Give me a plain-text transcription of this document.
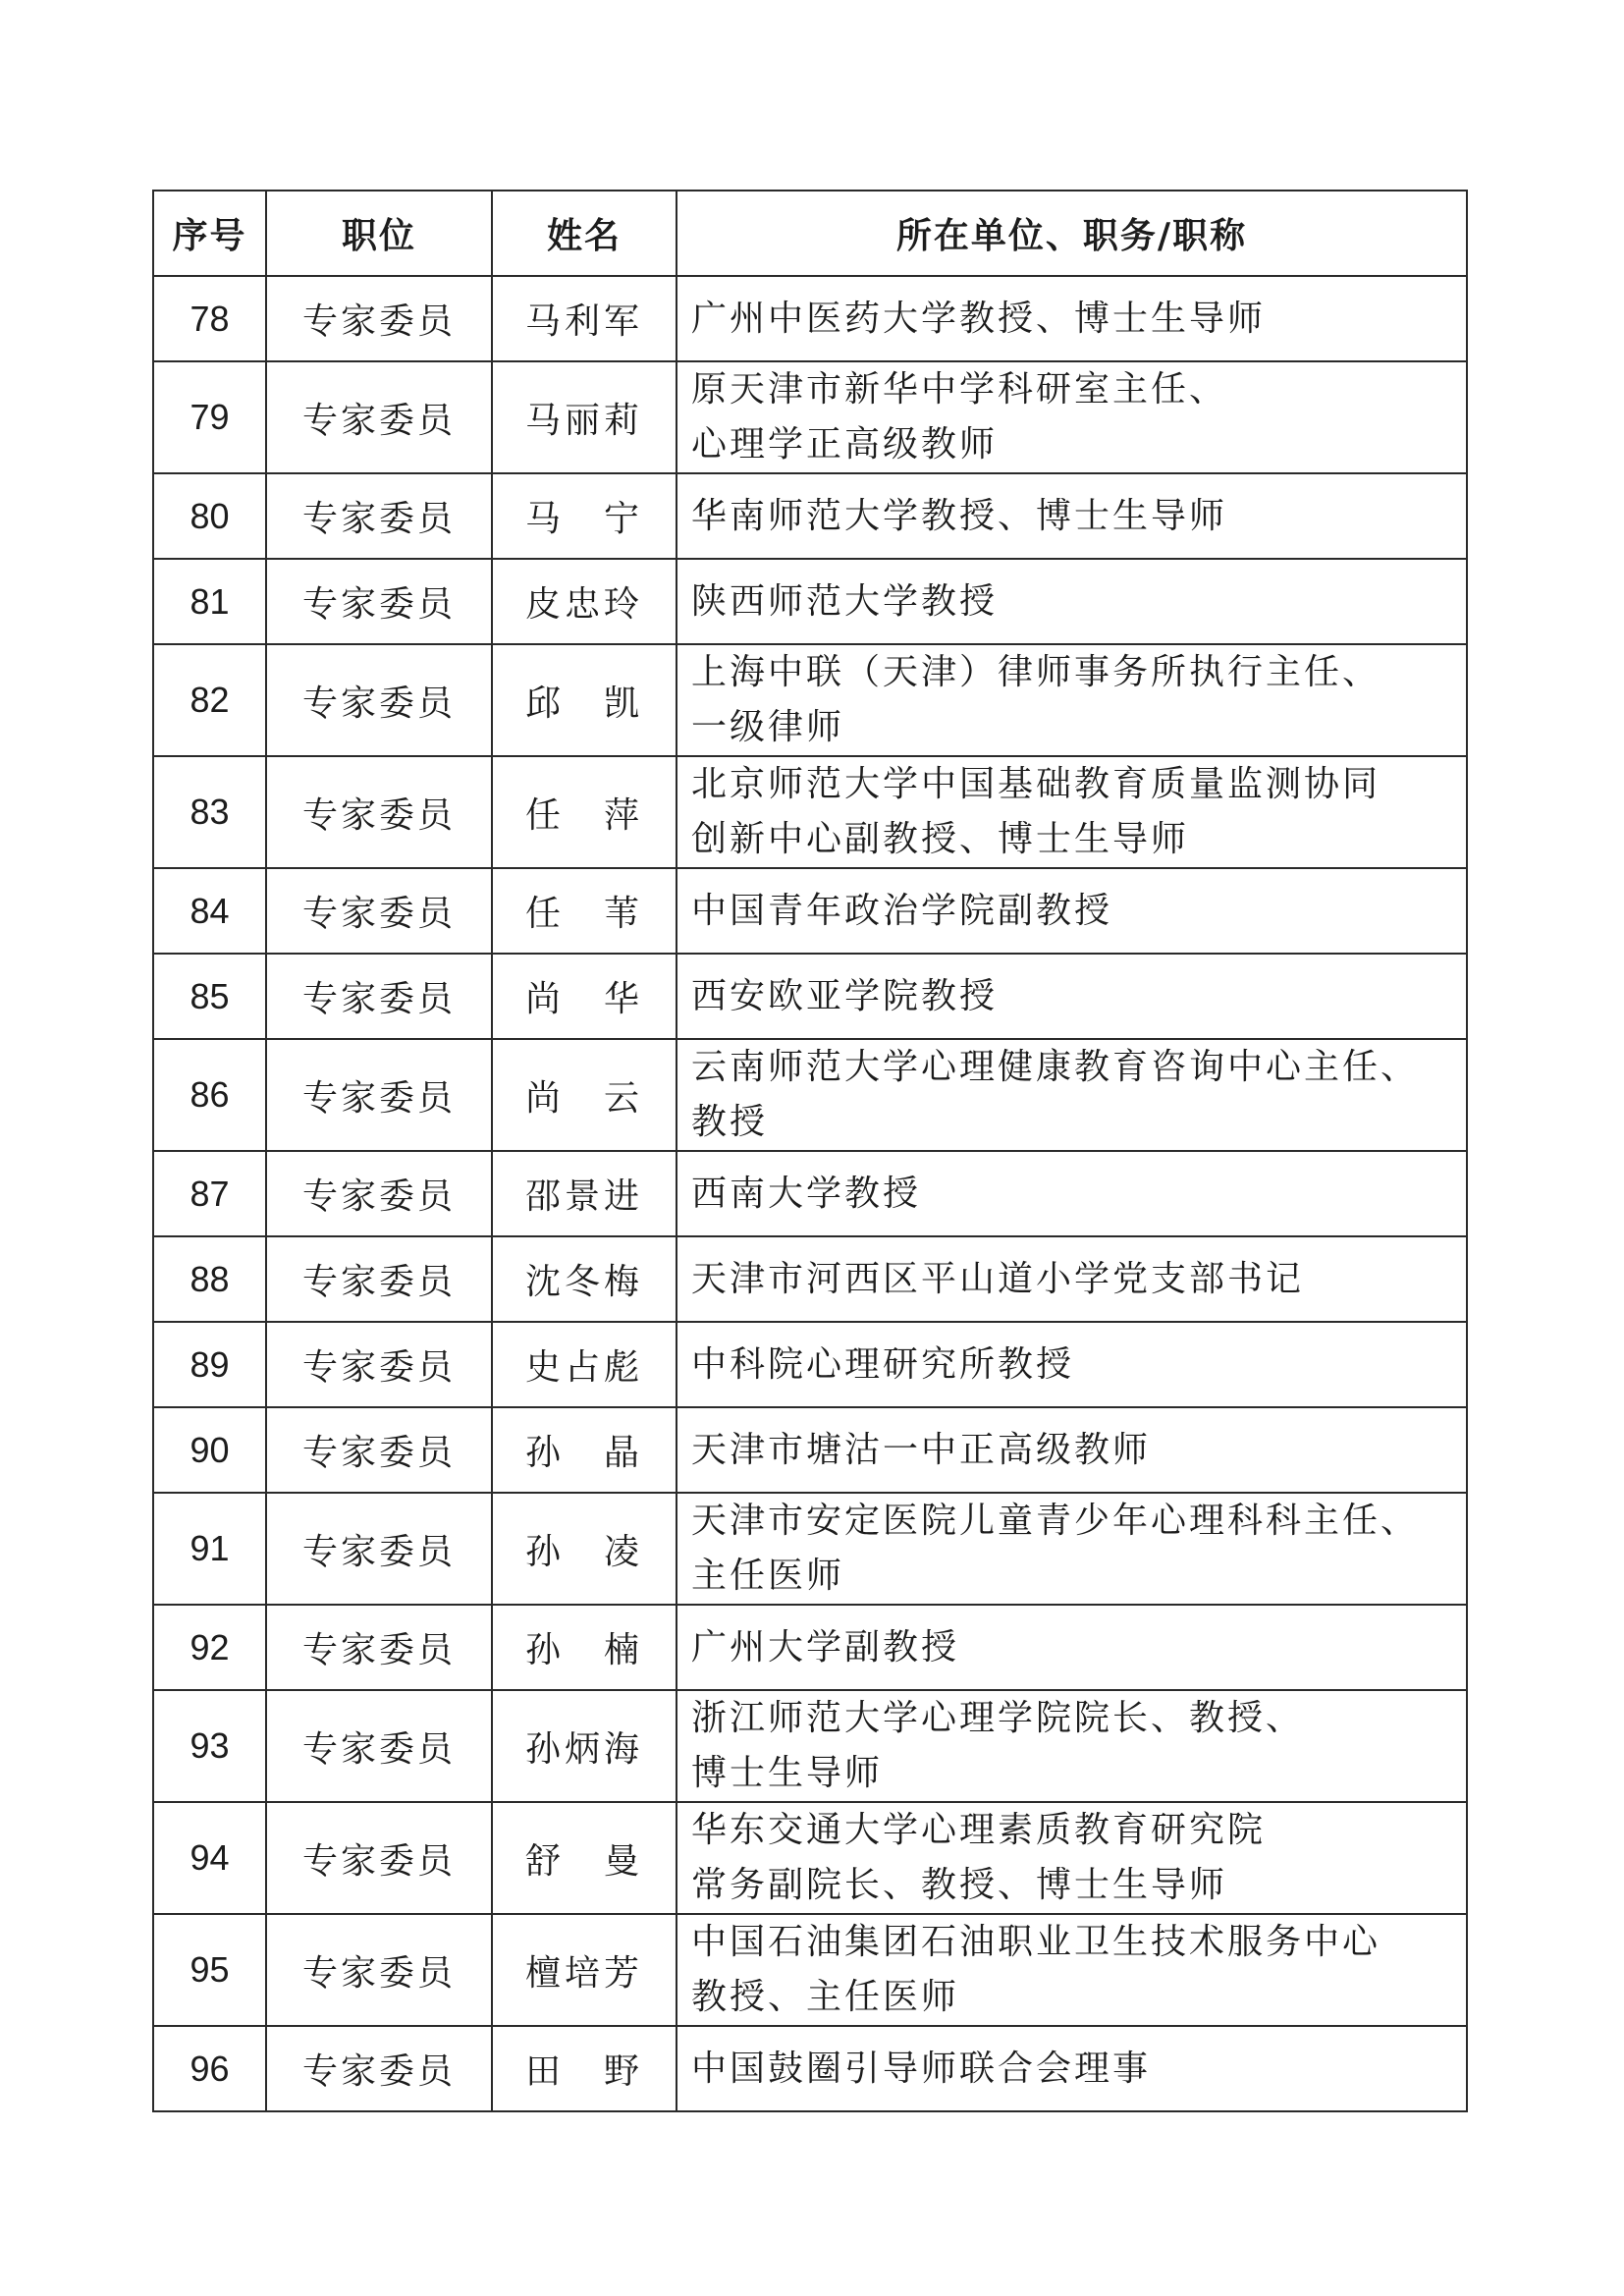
序号	职位	姓名	所在单位、职务/职称
78	专家委员	马利军	广州中医药大学教授、博士生导师

79	专家委员	马丽莉	原天津市新华中学科研室主任、
心理学正高级教师

80	专家委员	马　宁	华南师范大学教授、博士生导师

81	专家委员	皮忠玲	陕西师范大学教授

82	专家委员	邱　凯	上海中联（天津）律师事务所执行主任、
一级律师

83	专家委员	任　萍	北京师范大学中国基础教育质量监测协同
创新中心副教授、博士生导师

84	专家委员	任　苇	中国青年政治学院副教授

85	专家委员	尚　华	西安欧亚学院教授

86	专家委员	尚　云	云南师范大学心理健康教育咨询中心主任、
教授

87	专家委员	邵景进	西南大学教授

88	专家委员	沈冬梅	天津市河西区平山道小学党支部书记

89	专家委员	史占彪	中科院心理研究所教授

90	专家委员	孙　晶	天津市塘沽一中正高级教师

91	专家委员	孙　凌	天津市安定医院儿童青少年心理科科主任、
主任医师

92	专家委员	孙　楠	广州大学副教授

93	专家委员	孙炳海	浙江师范大学心理学院院长、教授、
博士生导师

94	专家委员	舒　曼	华东交通大学心理素质教育研究院
常务副院长、教授、博士生导师

95	专家委员	檀培芳	中国石油集团石油职业卫生技术服务中心
教授、主任医师

96	专家委员	田　野	中国鼓圈引导师联合会理事
